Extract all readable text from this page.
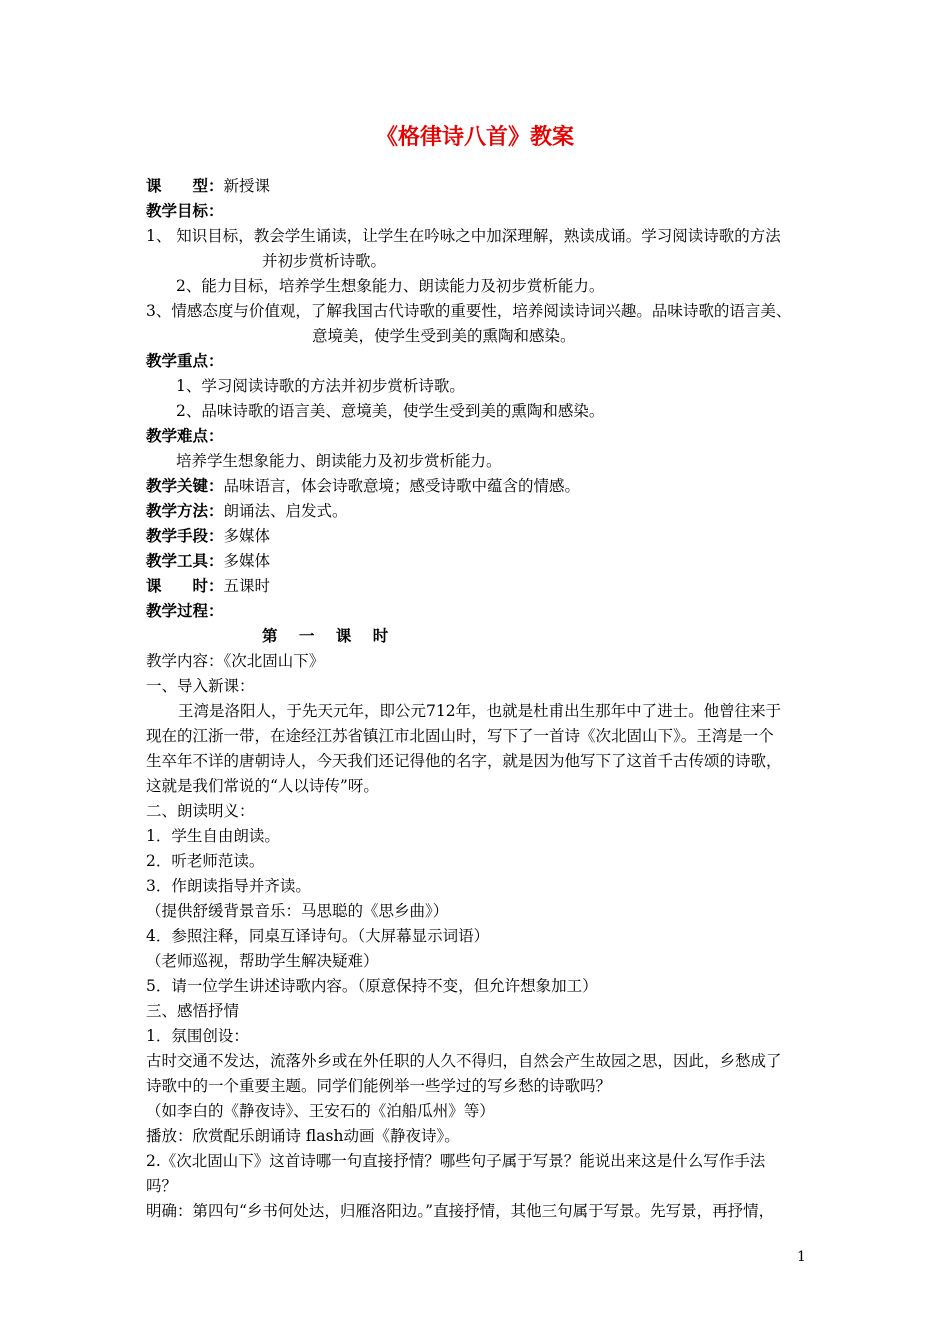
《格律诗八首》教案
课　　型：新授课
教学目标：
1、 知识目标，教会学生诵读，让学生在吟咏之中加深理解，熟读成诵。学习阅读诗歌的方法
并初步赏析诗歌。
2、能力目标，培养学生想象能力、朗读能力及初步赏析能力。
3、情感态度与价值观，了解我国古代诗歌的重要性，培养阅读诗词兴趣。品味诗歌的语言美、
意境美，使学生受到美的熏陶和感染。
教学重点：
1、学习阅读诗歌的方法并初步赏析诗歌。
2、品味诗歌的语言美、意境美，使学生受到美的熏陶和感染。
教学难点：
培养学生想象能力、朗读能力及初步赏析能力。
教学关键：品味语言，体会诗歌意境；感受诗歌中蕴含的情感。
教学方法：朗诵法、启发式。
教学手段：多媒体
教学工具：多媒体
课　　时：五课时
教学过程：
第 一 课 时
教学内容：《次北固山下》
一、导入新课：
王湾是洛阳人，于先天元年，即公元712年，也就是杜甫出生那年中了进士。他曾往来于
现在的江浙一带，在途经江苏省镇江市北固山时，写下了一首诗《次北固山下》。王湾是一个
生卒年不详的唐朝诗人，今天我们还记得他的名字，就是因为他写下了这首千古传颂的诗歌，
这就是我们常说的“人以诗传”呀。
二、朗读明义：
1．学生自由朗读。
2．听老师范读。
3．作朗读指导并齐读。
（提供舒缓背景音乐：马思聪的《思乡曲》）
4．参照注释，同桌互译诗句。（大屏幕显示词语）
（老师巡视，帮助学生解决疑难）
5．请一位学生讲述诗歌内容。（原意保持不变，但允许想象加工）
三、感悟抒情
1．氛围创设：
古时交通不发达，流落外乡或在外任职的人久不得归，自然会产生故园之思，因此，乡愁成了
诗歌中的一个重要主题。同学们能例举一些学过的写乡愁的诗歌吗？
（如李白的《静夜诗》、王安石的《泊船瓜州》等）
播放：欣赏配乐朗诵诗 flash动画《静夜诗》。
2.《次北固山下》这首诗哪一句直接抒情？哪些句子属于写景？能说出来这是什么写作手法
吗？
明确：第四句“乡书何处达，归雁洛阳边。”直接抒情，其他三句属于写景。先写景，再抒情，
1
